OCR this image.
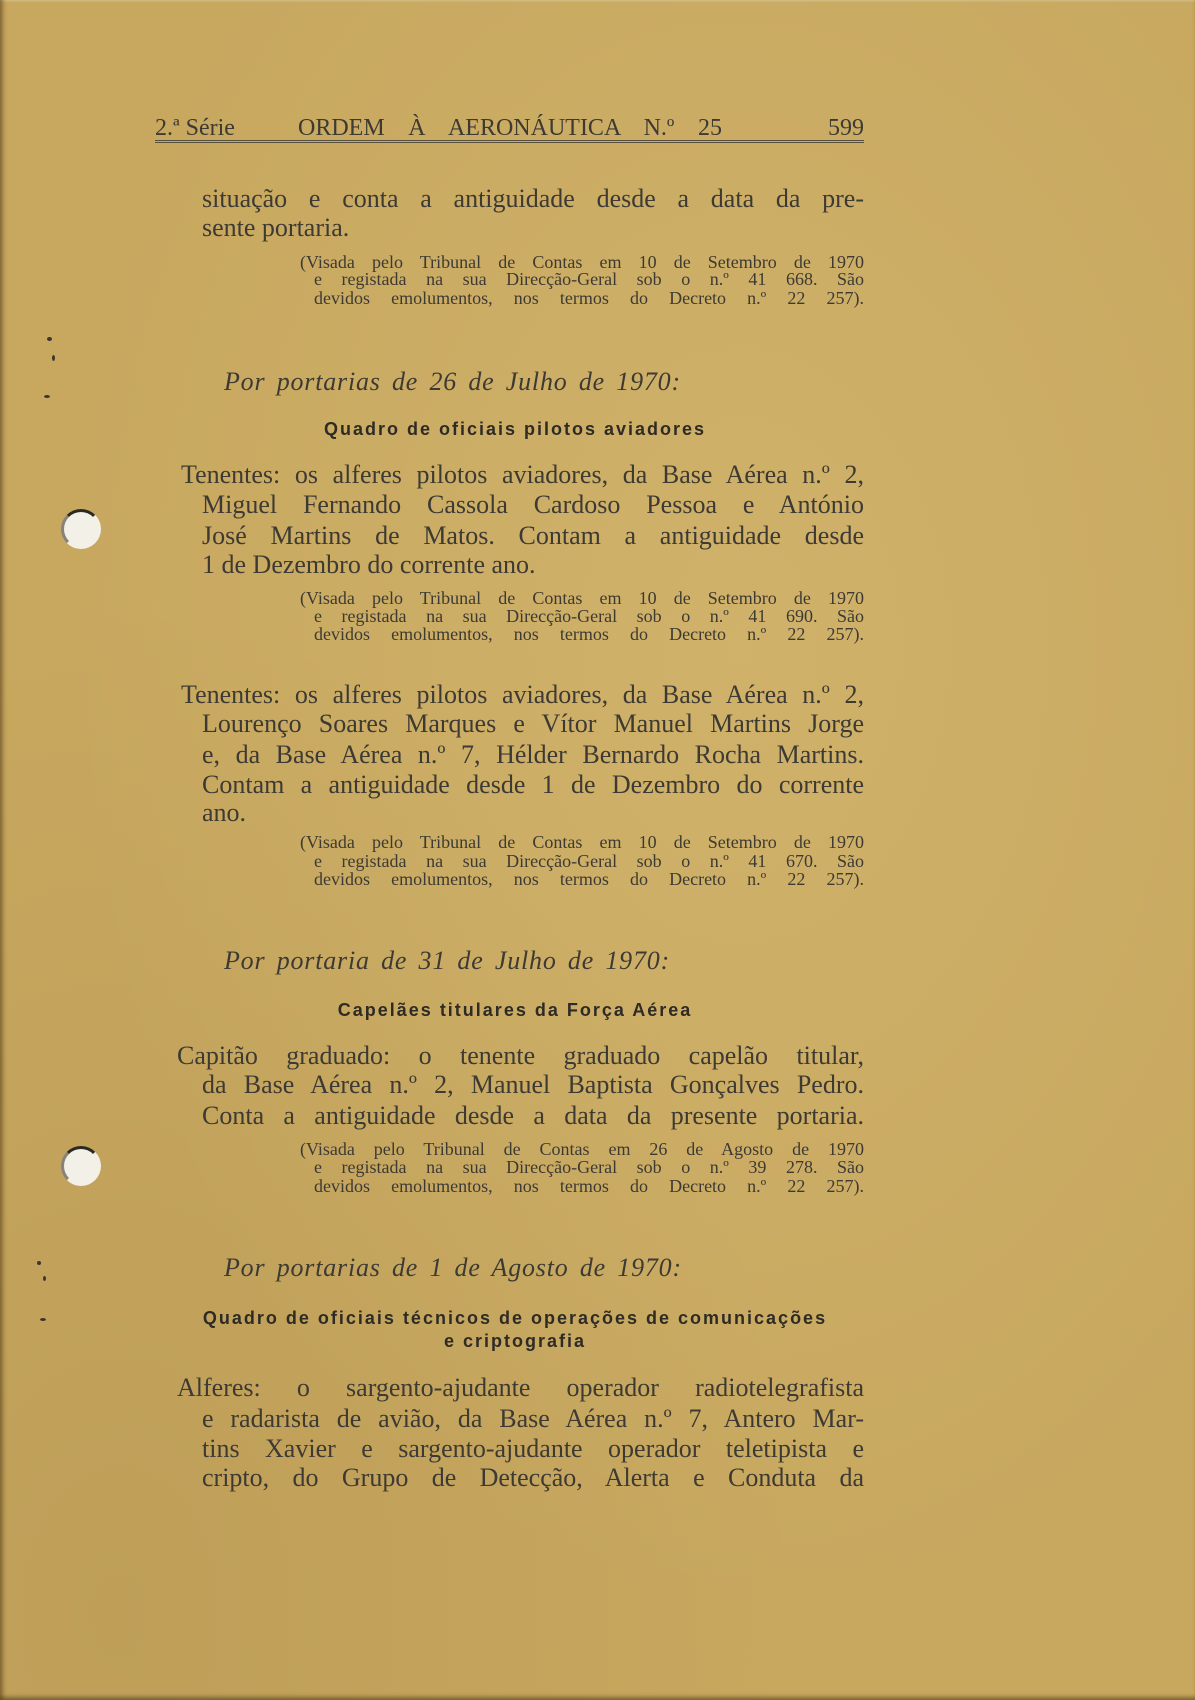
2.ª Série	ORDEM À AERONÁUTICA N.º 25	599
situação e conta a antiguidade desde a data da pre-
sente portaria.
(Visada pelo Tribunal de Contas em 10 de Setembro de 1970
e registada na sua Direcção-Geral sob o n.º 41 668. São
devidos emolumentos, nos termos do Decreto n.º 22 257).
Por portarias de 26 de Julho de 1970:
Quadro de oficiais pilotos aviadores
Tenentes: os alferes pilotos aviadores, da Base Aérea n.º 2,
Miguel Fernando Cassola Cardoso Pessoa e António
José Martins de Matos. Contam a antiguidade desde
1 de Dezembro do corrente ano.
(Visada pelo Tribunal de Contas em 10 de Setembro de 1970
e registada na sua Direcção-Geral sob o n.º 41 690. São
devidos emolumentos, nos termos do Decreto n.º 22 257).
Tenentes: os alferes pilotos aviadores, da Base Aérea n.º 2,
Lourenço Soares Marques e Vítor Manuel Martins Jorge
e, da Base Aérea n.º 7, Hélder Bernardo Rocha Martins.
Contam a antiguidade desde 1 de Dezembro do corrente
ano.
(Visada pelo Tribunal de Contas em 10 de Setembro de 1970
e registada na sua Direcção-Geral sob o n.º 41 670. São
devidos emolumentos, nos termos do Decreto n.º 22 257).
Por portaria de 31 de Julho de 1970:
Capelães titulares da Força Aérea
Capitão graduado: o tenente graduado capelão titular,
da Base Aérea n.º 2, Manuel Baptista Gonçalves Pedro.
Conta a antiguidade desde a data da presente portaria.
(Visada pelo Tribunal de Contas em 26 de Agosto de 1970
e registada na sua Direcção-Geral sob o n.º 39 278. São
devidos emolumentos, nos termos do Decreto n.º 22 257).
Por portarias de 1 de Agosto de 1970:
Quadro de oficiais técnicos de operações de comunicações
e criptografia
Alferes: o sargento-ajudante operador radiotelegrafista
e radarista de avião, da Base Aérea n.º 7, Antero Mar-
tins Xavier e sargento-ajudante operador teletipista e
cripto, do Grupo de Detecção, Alerta e Conduta da
